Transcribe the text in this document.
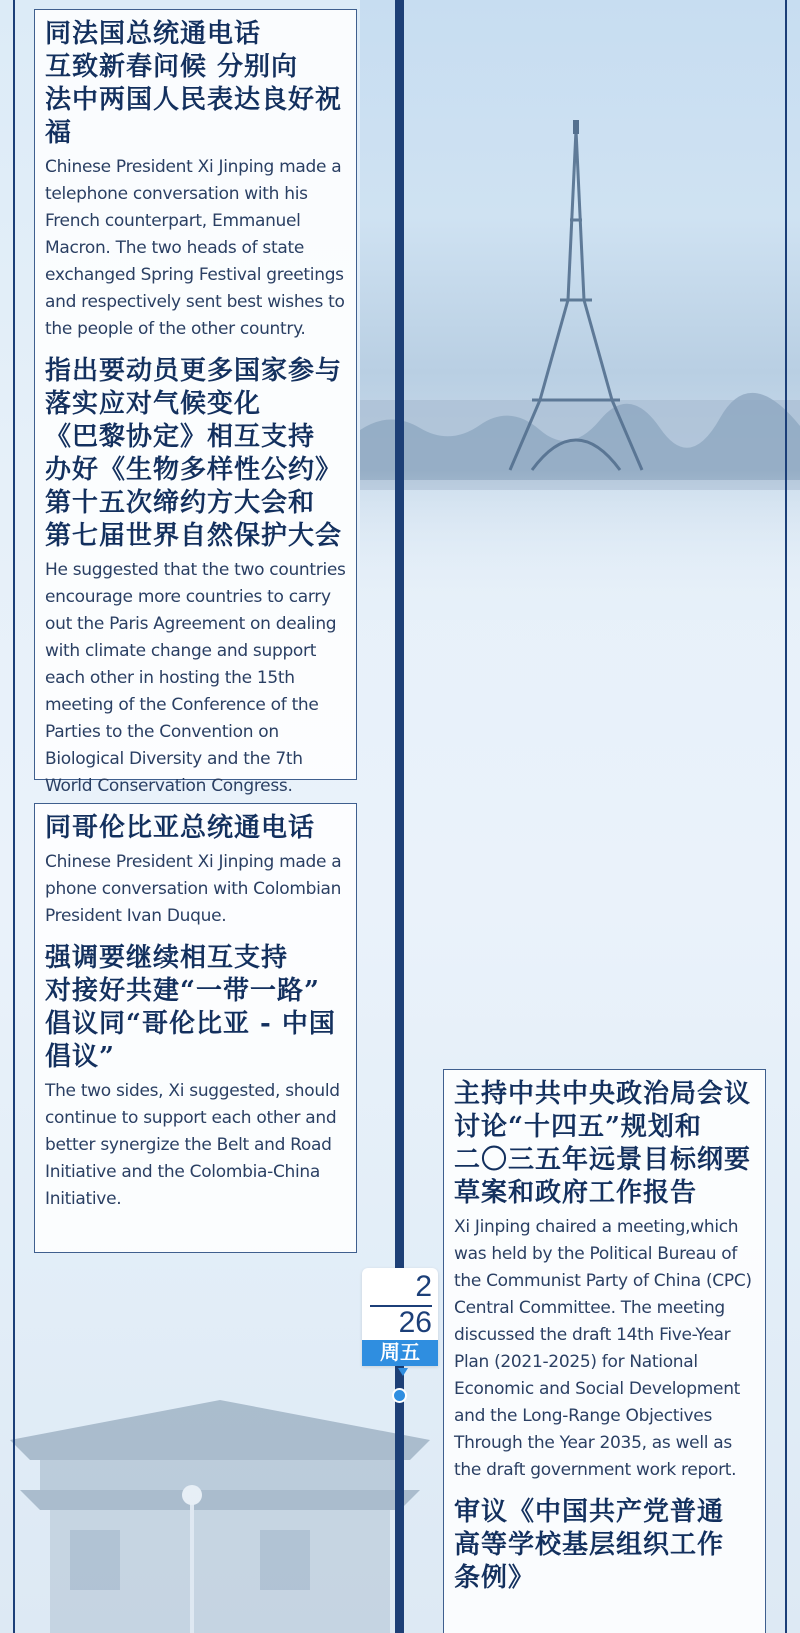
同法国总统通电话
互致新春问候 分别向
法中两国人民表达良好祝福

Chinese President Xi Jinping made a telephone conversation with his French counterpart, Emmanuel Macron. The two heads of state exchanged Spring Festival greetings and respectively sent best wishes to the people of the other country.

指出要动员更多国家参与
落实应对气候变化
《巴黎协定》相互支持
办好《生物多样性公约》
第十五次缔约方大会和
第七届世界自然保护大会

He suggested that the two countries encourage more countries to carry out the Paris Agreement on dealing with climate change and support each other in hosting the 15th meeting of the Conference of the Parties to the Convention on Biological Diversity and the 7th World Conservation Congress.

同哥伦比亚总统通电话

Chinese President Xi Jinping made a phone conversation with Colombian President Ivan Duque.

强调要继续相互支持
对接好共建“一带一路”
倡议同“哥伦比亚 - 中国
倡议”

The two sides, Xi suggested, should continue to support each other and better synergize the Belt and Road Initiative and the Colombia-China Initiative.

主持中共中央政治局会议
讨论“十四五”规划和
二〇三五年远景目标纲要
草案和政府工作报告

Xi Jinping chaired a meeting,which was held by the Political Bureau of the Communist Party of China (CPC) Central Committee. The meeting discussed the draft 14th Five-Year Plan (2021-2025) for National Economic and Social Development and the Long-Range Objectives Through the Year 2035, as well as the draft government work report.

审议《中国共产党普通
高等学校基层组织工作
条例》

2
26
周五
